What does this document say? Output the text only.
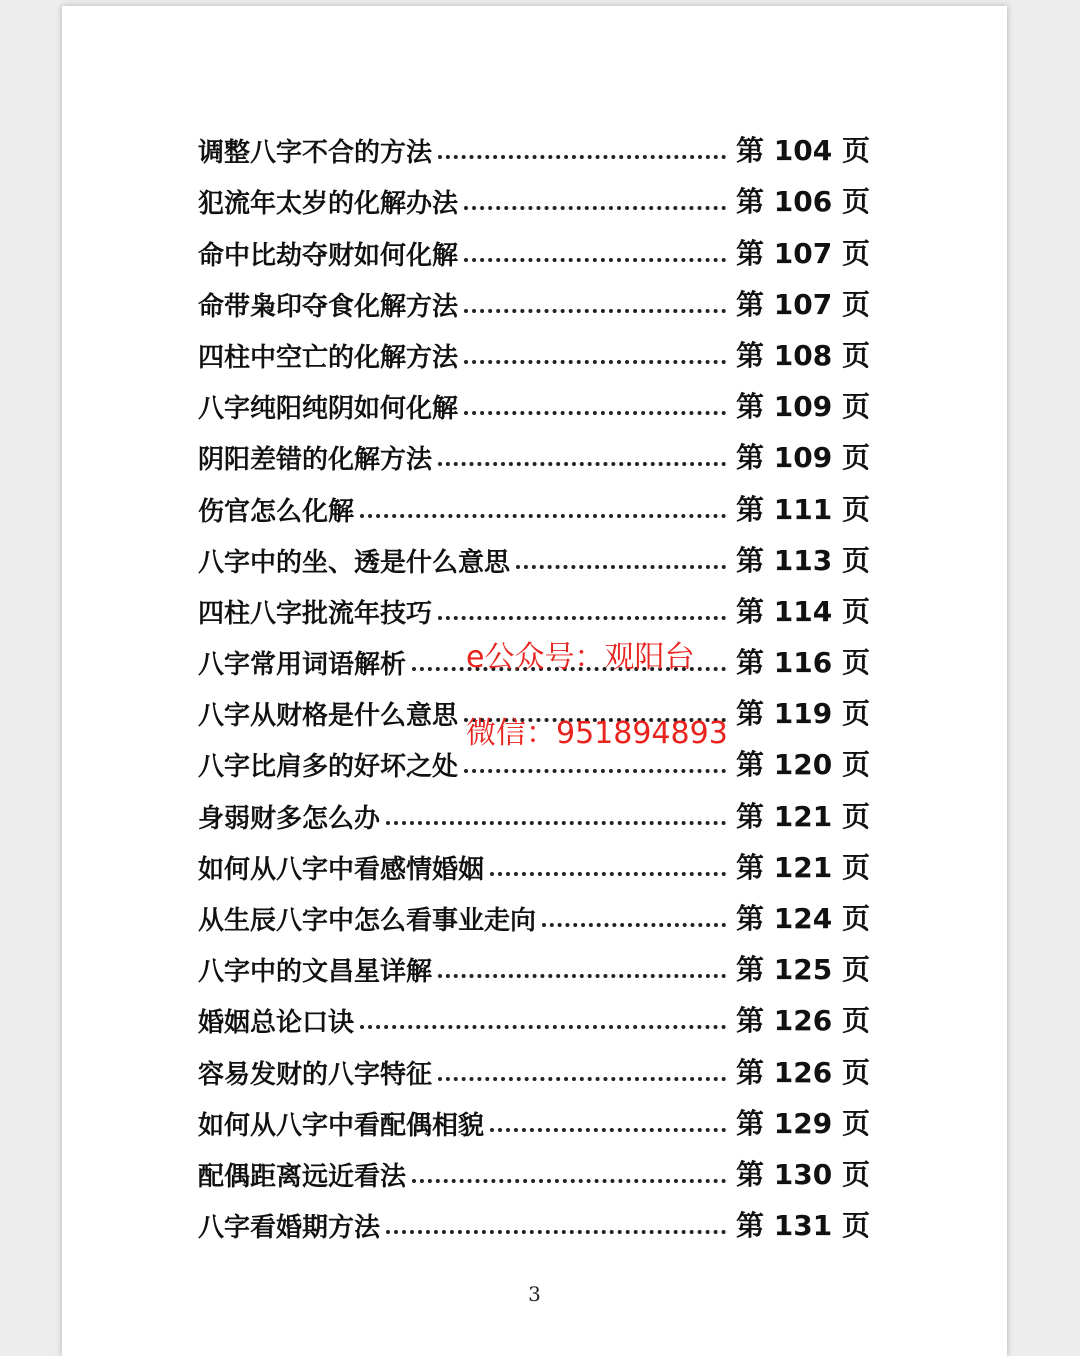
调整八字不合的方法	第 104 页
犯流年太岁的化解办法	第 106 页
命中比劫夺财如何化解	第 107 页
命带枭印夺食化解方法	第 107 页
四柱中空亡的化解方法	第 108 页
八字纯阳纯阴如何化解	第 109 页
阴阳差错的化解方法	第 109 页
伤官怎么化解	第 111 页
八字中的坐、透是什么意思	第 113 页
四柱八字批流年技巧	第 114 页
八字常用词语解析	第 116 页
八字从财格是什么意思	第 119 页
八字比肩多的好坏之处	第 120 页
身弱财多怎么办	第 121 页
如何从八字中看感情婚姻	第 121 页
从生辰八字中怎么看事业走向	第 124 页
八字中的文昌星详解	第 125 页
婚姻总论口诀	第 126 页
容易发财的八字特征	第 126 页
如何从八字中看配偶相貌	第 129 页
配偶距离远近看法	第 130 页
八字看婚期方法	第 131 页
3
e公众号：观阳台
微信：951894893
